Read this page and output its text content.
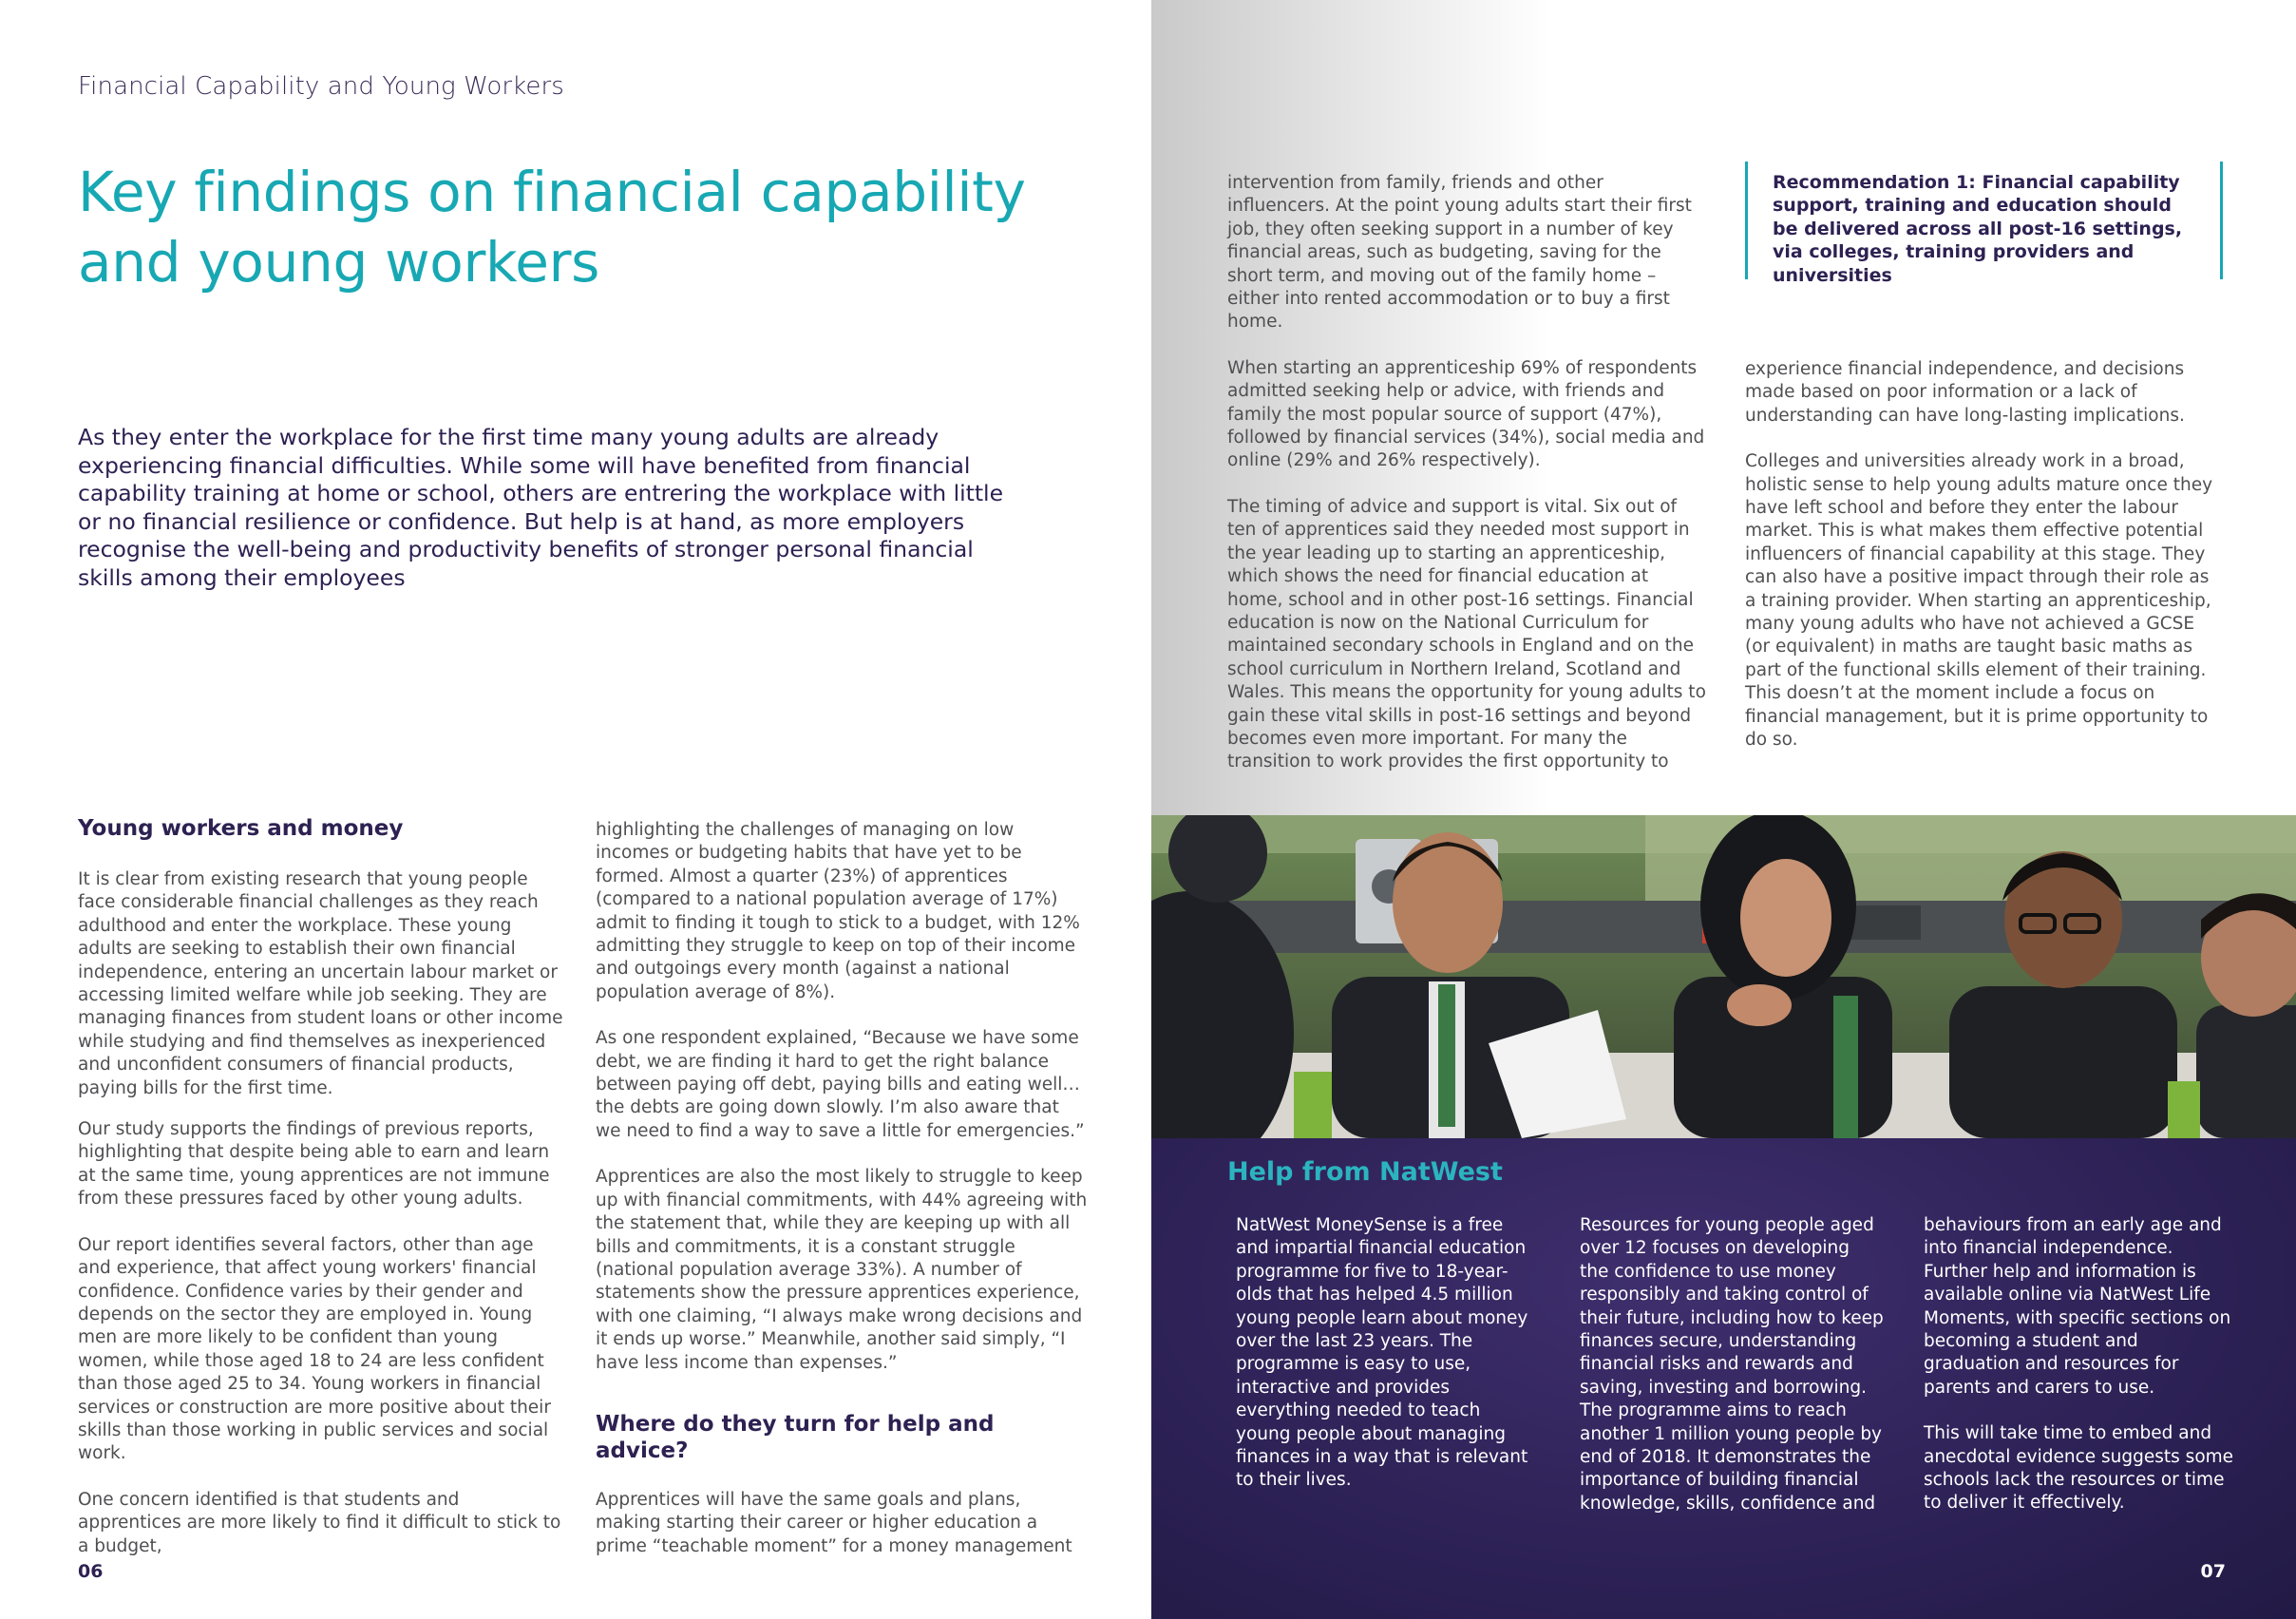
Financial Capability and Young Workers
Key findings on financial capability
and young workers

As they enter the workplace for the first time many young adults are already experiencing financial difficulties. While some will have benefited from financial capability training at home or school, others are entrering the workplace with little or no financial resilience or confidence. But help is at hand, as more employers recognise the well-being and productivity benefits of stronger personal financial skills among their employees

Young workers and money

It is clear from existing research that young people face considerable financial challenges as they reach adulthood and enter the workplace. These young adults are seeking to establish their own financial independence, entering an uncertain labour market or accessing limited welfare while job seeking. They are managing finances from student loans or other income while studying and find themselves as inexperienced and unconfident consumers of financial products, paying bills for the first time.

Our study supports the findings of previous reports, highlighting that despite being able to earn and learn at the same time, young apprentices are not immune from these pressures faced by other young adults.

Our report identifies several factors, other than age and experience, that affect young workers' financial confidence. Confidence varies by their gender and depends on the sector they are employed in. Young men are more likely to be confident than young women, while those aged 18 to 24 are less confident than those aged 25 to 34. Young workers in financial services or construction are more positive about their skills than those working in public services and social work.

One concern identified is that students and apprentices are more likely to find it difficult to stick to a budget,

highlighting the challenges of managing on low incomes or budgeting habits that have yet to be formed. Almost a quarter (23%) of apprentices (compared to a national population average of 17%) admit to finding it tough to stick to a budget, with 12% admitting they struggle to keep on top of their income and outgoings every month (against a national population average of 8%).

As one respondent explained, “Because we have some debt, we are finding it hard to get the right balance between paying off debt, paying bills and eating well… the debts are going down slowly. I’m also aware that we need to find a way to save a little for emergencies.”

Apprentices are also the most likely to struggle to keep up with financial commitments, with 44% agreeing with the statement that, while they are keeping up with all bills and commitments, it is a constant struggle (national population average 33%). A number of statements show the pressure apprentices experience, with one claiming, “I always make wrong decisions and it ends up worse.” Meanwhile, another said simply, “I have less income than expenses.”

Where do they turn for help and advice?

Apprentices will have the same goals and plans, making starting their career or higher education a prime “teachable moment” for a money management

06

intervention from family, friends and other influencers. At the point young adults start their first job, they often seeking support in a number of key financial areas, such as budgeting, saving for the short term, and moving out of the family home – either into rented accommodation or to buy a first home.

When starting an apprenticeship 69% of respondents admitted seeking help or advice, with friends and family the most popular source of support (47%), followed by financial services (34%), social media and online (29% and 26% respectively).

The timing of advice and support is vital. Six out of ten of apprentices said they needed most support in the year leading up to starting an apprenticeship, which shows the need for financial education at home, school and in other post-16 settings. Financial education is now on the National Curriculum for maintained secondary schools in England and on the school curriculum in Northern Ireland, Scotland and Wales. This means the opportunity for young adults to gain these vital skills in post-16 settings and beyond becomes even more important. For many the transition to work provides the first opportunity to

Recommendation 1: Financial capability support, training and education should be delivered across all post-16 settings, via colleges, training providers and universities

experience financial independence, and decisions made based on poor information or a lack of understanding can have long-lasting implications.

Colleges and universities already work in a broad, holistic sense to help young adults mature once they have left school and before they enter the labour market. This is what makes them effective potential influencers of financial capability at this stage. They can also have a positive impact through their role as a training provider. When starting an apprenticeship, many young adults who have not achieved a GCSE (or equivalent) in maths are taught basic maths as part of the functional skills element of their training. This doesn’t at the moment include a focus on financial management, but it is prime opportunity to do so.

Help from NatWest

NatWest MoneySense is a free and impartial financial education programme for five to 18-year-olds that has helped 4.5 million young people learn about money over the last 23 years. The programme is easy to use, interactive and provides everything needed to teach young people about managing finances in a way that is relevant to their lives.

Resources for young people aged over 12 focuses on developing the confidence to use money responsibly and taking control of their future, including how to keep finances secure, understanding financial risks and rewards and saving, investing and borrowing. The programme aims to reach another 1 million young people by end of 2018. It demonstrates the importance of building financial knowledge, skills, confidence and

behaviours from an early age and into financial independence. Further help and information is available online via NatWest Life Moments, with specific sections on becoming a student and graduation and resources for parents and carers to use.

This will take time to embed and anecdotal evidence suggests some schools lack the resources or time to deliver it effectively.

07
